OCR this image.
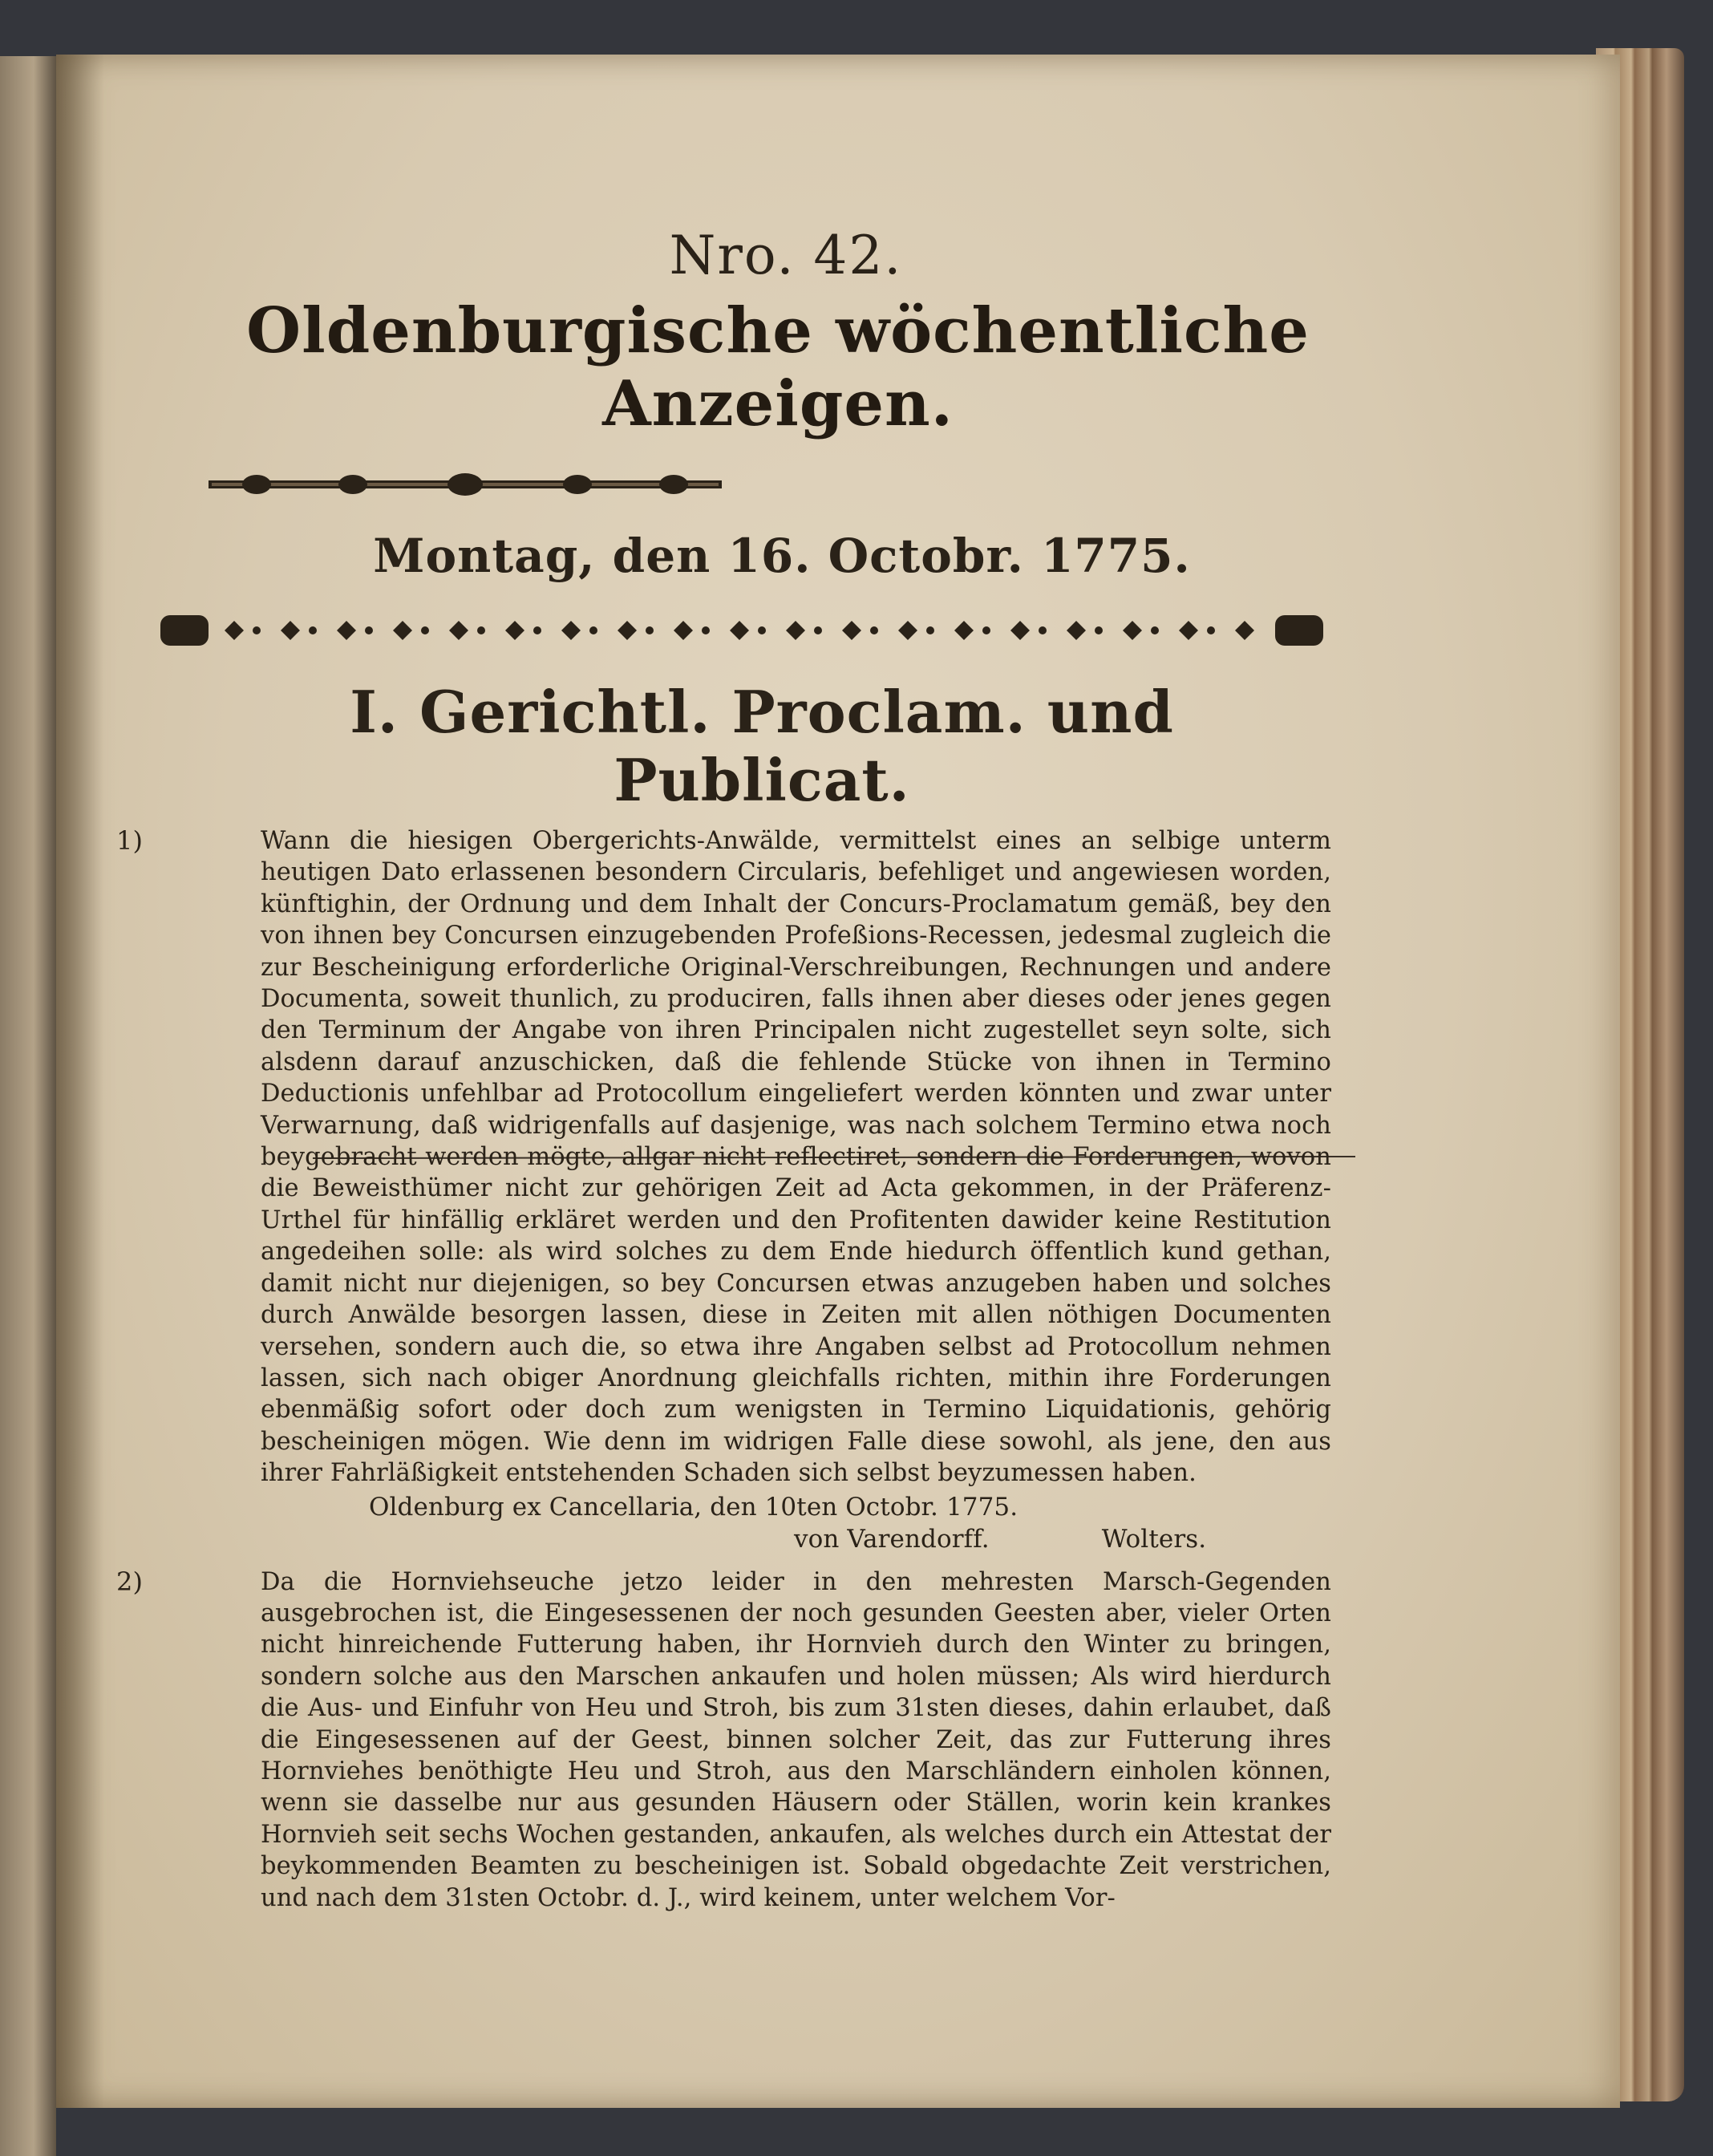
Nro. 42.
Oldenburgische wöchentliche Anzeigen.
Montag, den 16. Octobr. 1775.
I. Gerichtl. Proclam. und Publicat.
1)	Wann die hiesigen Obergerichts-Anwälde, vermittelst eines an selbige unterm heutigen Dato erlassenen besondern Circularis, befehliget und angewiesen worden, künftighin, der Ordnung und dem Inhalt der Concurs-Proclamatum gemäß, bey den von ihnen bey Concursen einzugebenden Profeßions-Recessen, jedesmal zugleich die zur Bescheinigung erforderliche Original-Verschreibungen, Rechnungen und andere Documenta, soweit thunlich, zu produciren, falls ihnen aber dieses oder jenes gegen den Terminum der Angabe von ihren Principalen nicht zugestellet seyn solte, sich alsdenn darauf anzuschicken, daß die fehlende Stücke von ihnen in Termino Deductionis unfehlbar ad Protocollum eingeliefert werden könnten und zwar unter Verwarnung, daß widrigenfalls auf dasjenige, was nach solchem Termino etwa noch beygebracht werden mögte, allgar nicht reflectiret, sondern die Forderungen, wovon die Beweisthümer nicht zur gehörigen Zeit ad Acta gekommen, in der Präferenz-Urthel für hinfällig erkläret werden und den Profitenten dawider keine Restitution angedeihen solle: als wird solches zu dem Ende hiedurch öffentlich kund gethan, damit nicht nur diejenigen, so bey Concursen etwas anzugeben haben und solches durch Anwälde besorgen lassen, diese in Zeiten mit allen nöthigen Documenten versehen, sondern auch die, so etwa ihre Angaben selbst ad Protocollum nehmen lassen, sich nach obiger Anordnung gleichfalls richten, mithin ihre Forderungen ebenmäßig sofort oder doch zum wenigsten in Termino Liquidationis, gehörig bescheinigen mögen. Wie denn im widrigen Falle diese sowohl, als jene, den aus ihrer Fahrläßigkeit entstehenden Schaden sich selbst beyzumessen haben.
Oldenburg ex Cancellaria, den 10ten Octobr. 1775.
von Varendorff.	Wolters.
2)	Da die Hornviehseuche jetzo leider in den mehresten Marsch-Gegenden ausgebrochen ist, die Eingesessenen der noch gesunden Geesten aber, vieler Orten nicht hinreichende Futterung haben, ihr Hornvieh durch den Winter zu bringen, sondern solche aus den Marschen ankaufen und holen müssen; Als wird hierdurch die Aus- und Einfuhr von Heu und Stroh, bis zum 31sten dieses, dahin erlaubet, daß die Eingesessenen auf der Geest, binnen solcher Zeit, das zur Futterung ihres Hornviehes benöthigte Heu und Stroh, aus den Marschländern einholen können, wenn sie dasselbe nur aus gesunden Häusern oder Ställen, worin kein krankes Hornvieh seit sechs Wochen gestanden, ankaufen, als welches durch ein Attestat der beykommenden Beamten zu bescheinigen ist. Sobald obgedachte Zeit verstrichen, und nach dem 31sten Octobr. d. J., wird keinem, unter welchem Vor-
